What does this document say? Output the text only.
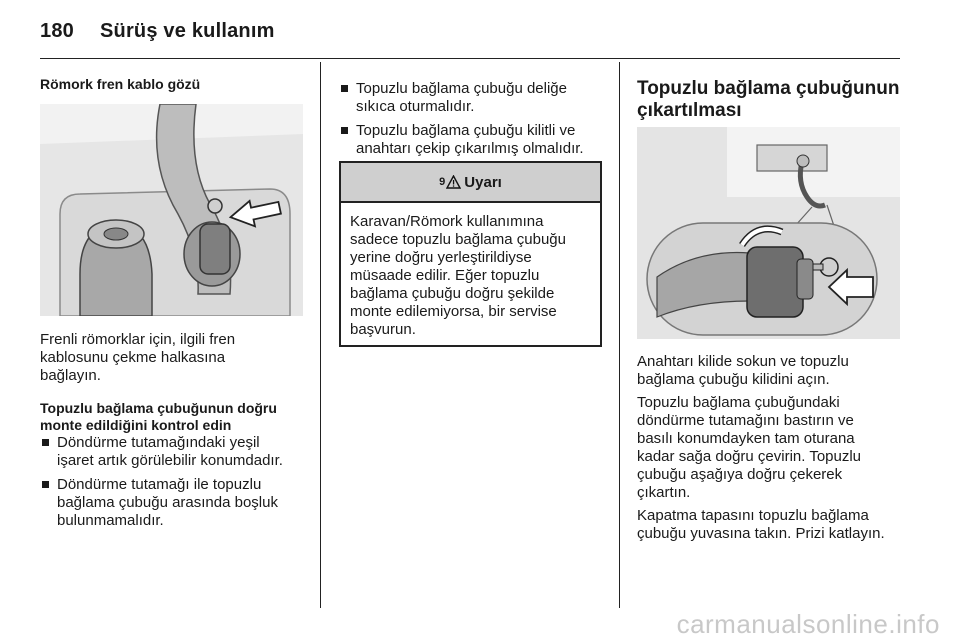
180 Sürüş ve kullanım
Römork fren kablo gözü
Frenli römorklar için, ilgili fren
kablosunu çekme halkasına
bağlayın.
Topuzlu bağlama çubuğunun doğru
monte edildiğini kontrol edin
Döndürme tutamağındaki yeşil
işaret artık görülebilir konumdadır.
Döndürme tutamağı ile topuzlu
bağlama çubuğu arasında boşluk
bulunmamalıdır.
Topuzlu bağlama çubuğu deliğe
sıkıca oturmalıdır.
Topuzlu bağlama çubuğu kilitli ve
anahtarı çekip çıkarılmış olmalıdır.
9 Uyarı
Karavan/Römork kullanımına
sadece topuzlu bağlama çubuğu
yerine doğru yerleştirildiyse
müsaade edilir. Eğer topuzlu
bağlama çubuğu doğru şekilde
monte edilemiyorsa, bir servise
başvurun.
Topuzlu bağlama çubuğunun
çıkartılması
Anahtarı kilide sokun ve topuzlu
bağlama çubuğu kilidini açın.
Topuzlu bağlama çubuğundaki
döndürme tutamağını bastırın ve
basılı konumdayken tam oturana
kadar sağa doğru çevirin. Topuzlu
çubuğu aşağıya doğru çekerek
çıkartın.
Kapatma tapasını topuzlu bağlama
çubuğu yuvasına takın. Prizi katlayın.
carmanualsonline.info
